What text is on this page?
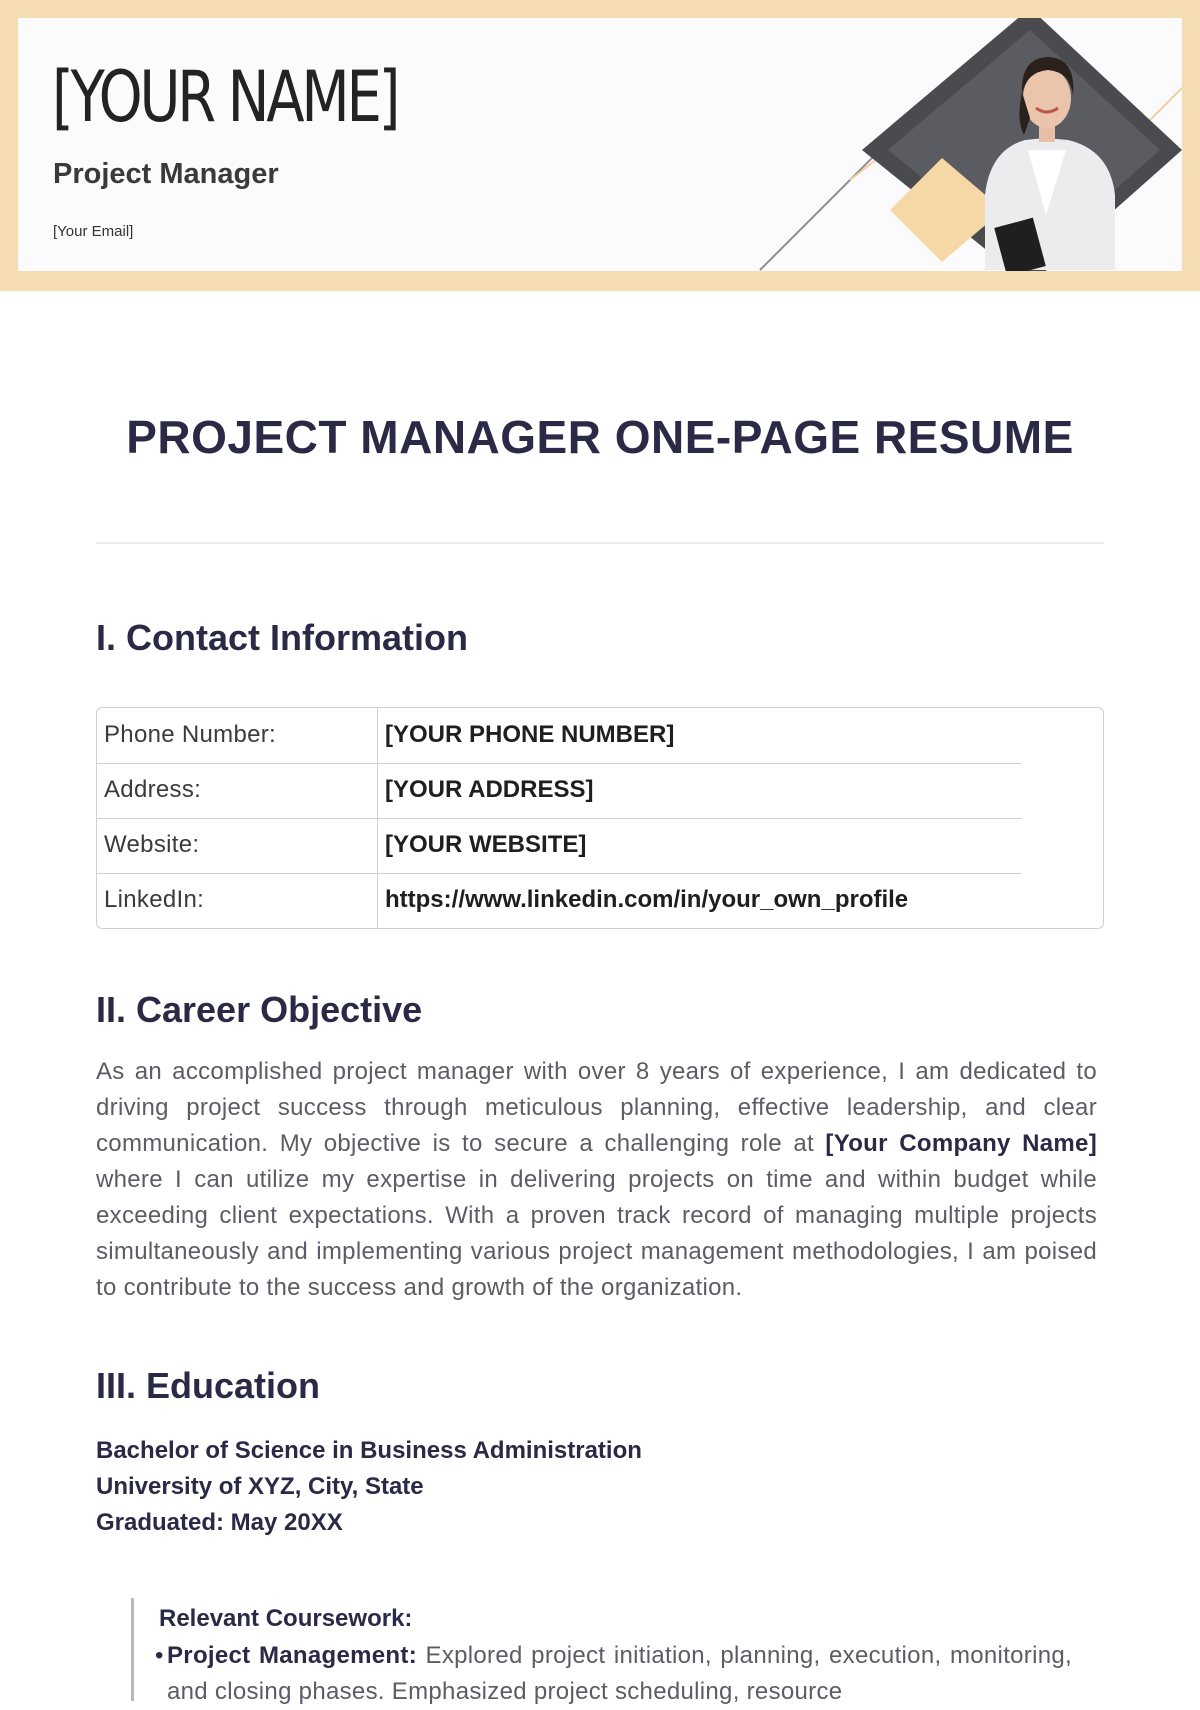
[YOUR NAME]
Project Manager
[Your Email]
PROJECT MANAGER ONE-PAGE RESUME
I. Contact Information
Phone Number:	[YOUR PHONE NUMBER]
Address:	[YOUR ADDRESS]
Website:	[YOUR WEBSITE]
LinkedIn:	https://www.linkedin.com/in/your_own_profile
II. Career Objective

As an accomplished project manager with over 8 years of experience, I am dedicated to driving project success through meticulous planning, effective leadership, and clear communication. My objective is to secure a challenging role at [Your Company Name] where I can utilize my expertise in delivering projects on time and within budget while exceeding client expectations. With a proven track record of managing multiple projects simultaneously and implementing various project management methodologies, I am poised to contribute to the success and growth of the organization.

III. Education
Bachelor of Science in Business Administration
University of XYZ, City, State
Graduated: May 20XX
Relevant Coursework:

• Project Management: Explored project initiation, planning, execution, monitoring, and closing phases. Emphasized project scheduling, resource
